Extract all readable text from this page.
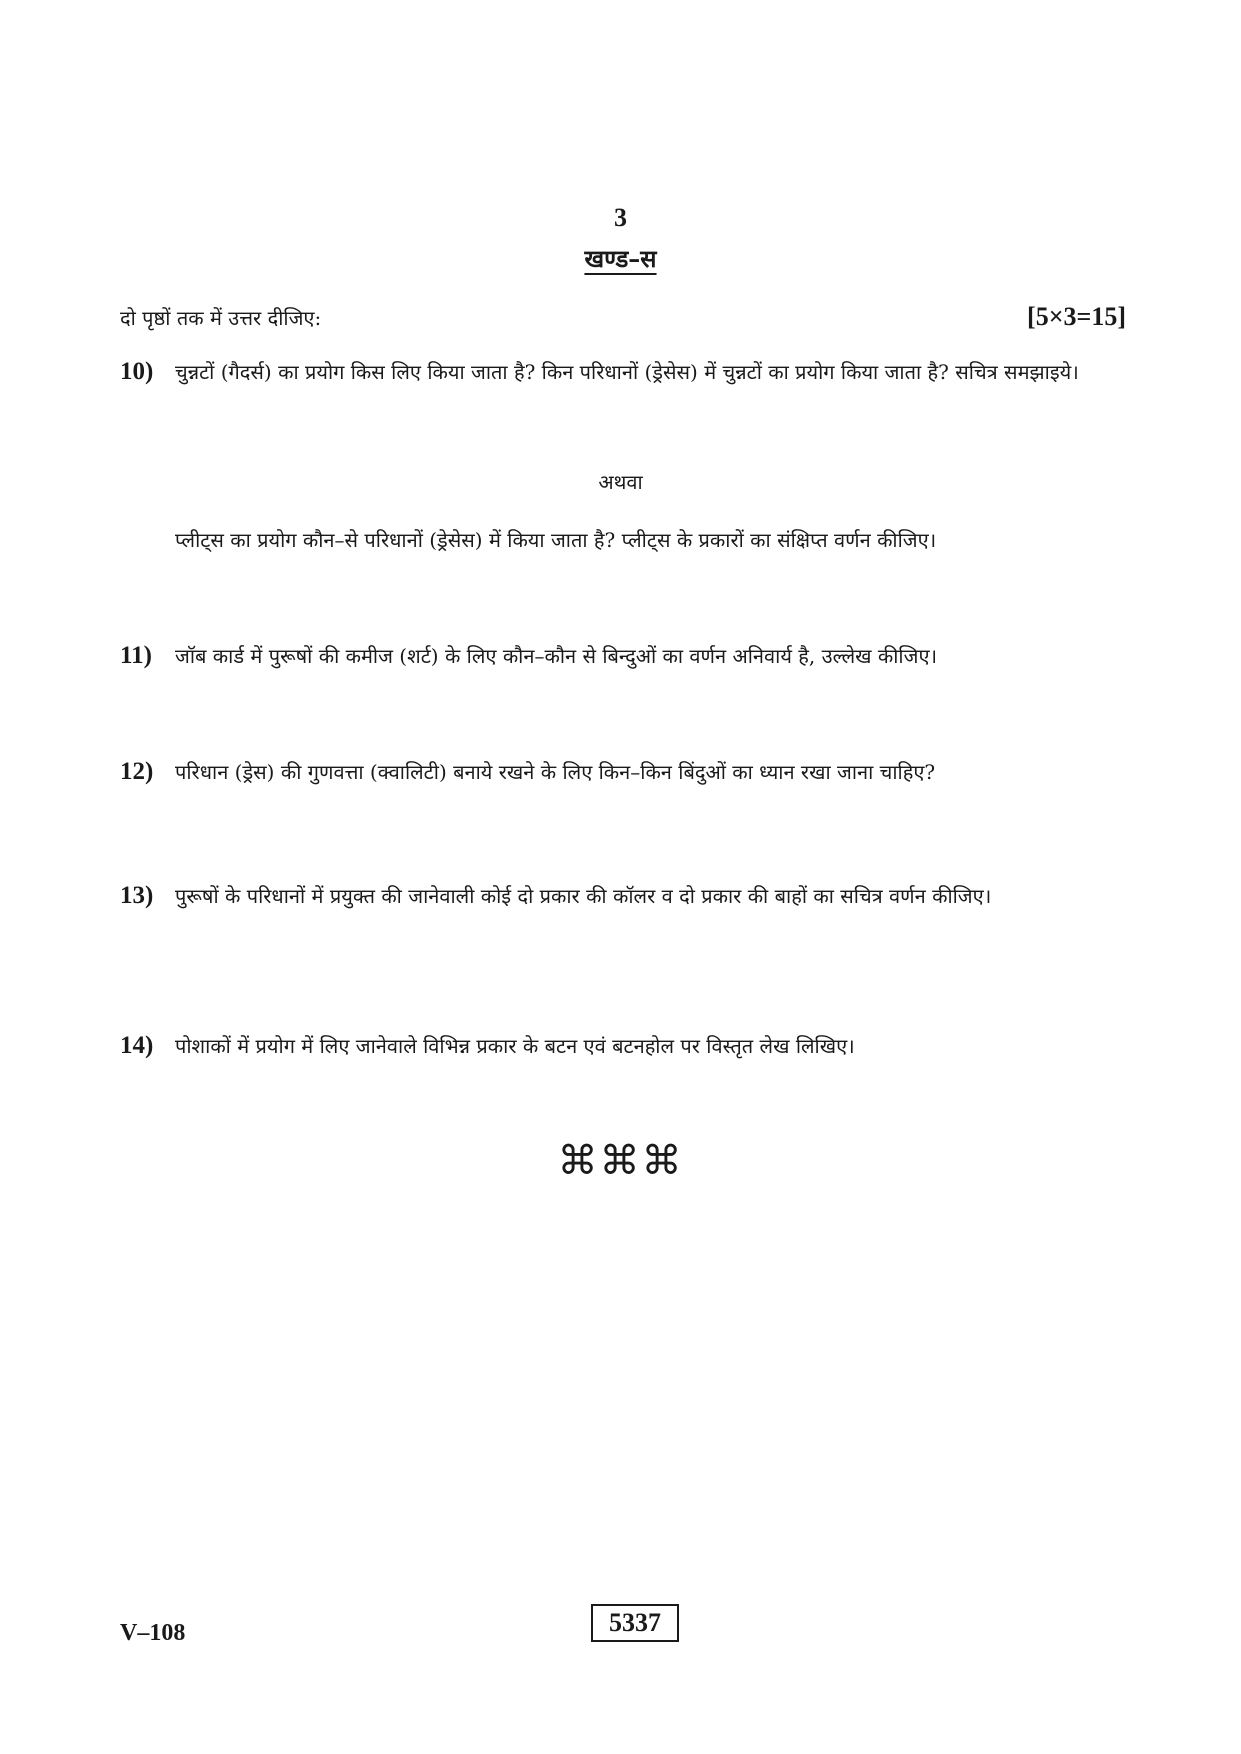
3
खण्ड–स
दो पृष्ठों तक में उत्तर दीजिए:	[5×3=15]
10)	चुन्नटों (गैदर्स) का प्रयोग किस लिए किया जाता है? किन परिधानों (ड्रेसेस) में चुन्नटों का प्रयोग किया जाता है? सचित्र समझाइये।
अथवा
प्लीट्स का प्रयोग कौन–से परिधानों (ड्रेसेस) में किया जाता है? प्लीट्स के प्रकारों का संक्षिप्त वर्णन कीजिए।
11)	जॉब कार्ड में पुरूषों की कमीज (शर्ट) के लिए कौन–कौन से बिन्दुओं का वर्णन अनिवार्य है, उल्लेख कीजिए।
12)	परिधान (ड्रेस) की गुणवत्ता (क्वालिटी) बनाये रखने के लिए किन–किन बिंदुओं का ध्यान रखा जाना चाहिए?
13)	पुरूषों के परिधानों में प्रयुक्त की जानेवाली कोई दो प्रकार की कॉलर व दो प्रकार की बाहों का सचित्र वर्णन कीजिए।
14)	पोशाकों में प्रयोग में लिए जानेवाले विभिन्न प्रकार के बटन एवं बटनहोल पर विस्तृत लेख लिखिए।
⌘⌘⌘
V–108	5337
